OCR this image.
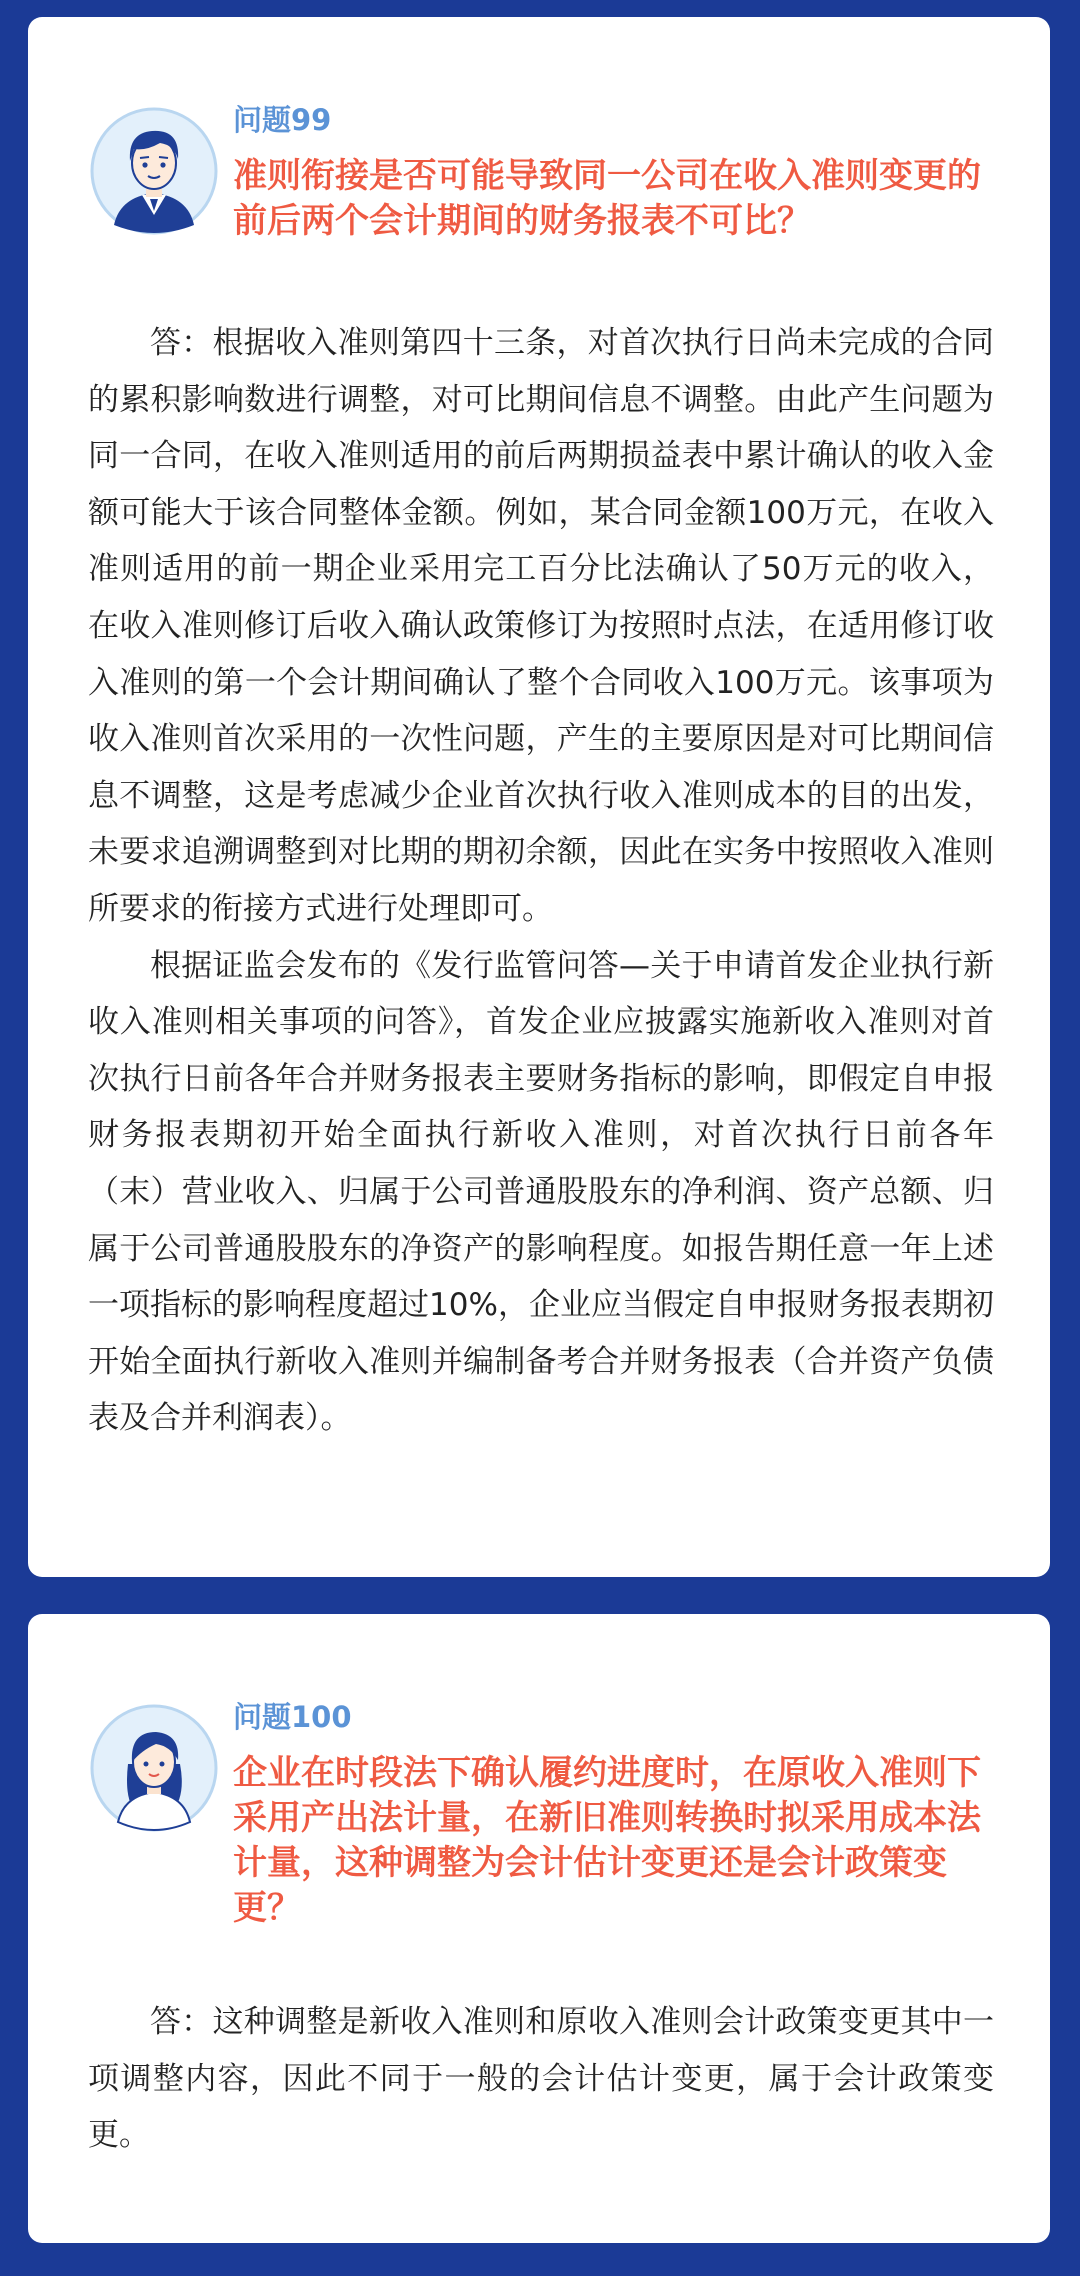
问题99
准则衔接是否可能导致同一公司在收入准则变更的前后两个会计期间的财务报表不可比？

答：根据收入准则第四十三条，对首次执行日尚未完成的合同的累积影响数进行调整，对可比期间信息不调整。由此产生问题为同一合同，在收入准则适用的前后两期损益表中累计确认的收入金额可能大于该合同整体金额。例如，某合同金额100万元，在收入准则适用的前一期企业采用完工百分比法确认了50万元的收入，在收入准则修订后收入确认政策修订为按照时点法，在适用修订收入准则的第一个会计期间确认了整个合同收入100万元。该事项为收入准则首次采用的一次性问题，产生的主要原因是对可比期间信息不调整，这是考虑减少企业首次执行收入准则成本的目的出发，未要求追溯调整到对比期的期初余额，因此在实务中按照收入准则所要求的衔接方式进行处理即可。

根据证监会发布的《发行监管问答—关于申请首发企业执行新收入准则相关事项的问答》，首发企业应披露实施新收入准则对首次执行日前各年合并财务报表主要财务指标的影响，即假定自申报财务报表期初开始全面执行新收入准则，对首次执行日前各年（末）营业收入、归属于公司普通股股东的净利润、资产总额、归属于公司普通股股东的净资产的影响程度。如报告期任意一年上述一项指标的影响程度超过10%，企业应当假定自申报财务报表期初开始全面执行新收入准则并编制备考合并财务报表（合并资产负债表及合并利润表）。

问题100
企业在时段法下确认履约进度时，在原收入准则下采用产出法计量，在新旧准则转换时拟采用成本法计量，这种调整为会计估计变更还是会计政策变更？

答：这种调整是新收入准则和原收入准则会计政策变更其中一项调整内容，因此不同于一般的会计估计变更，属于会计政策变更。
